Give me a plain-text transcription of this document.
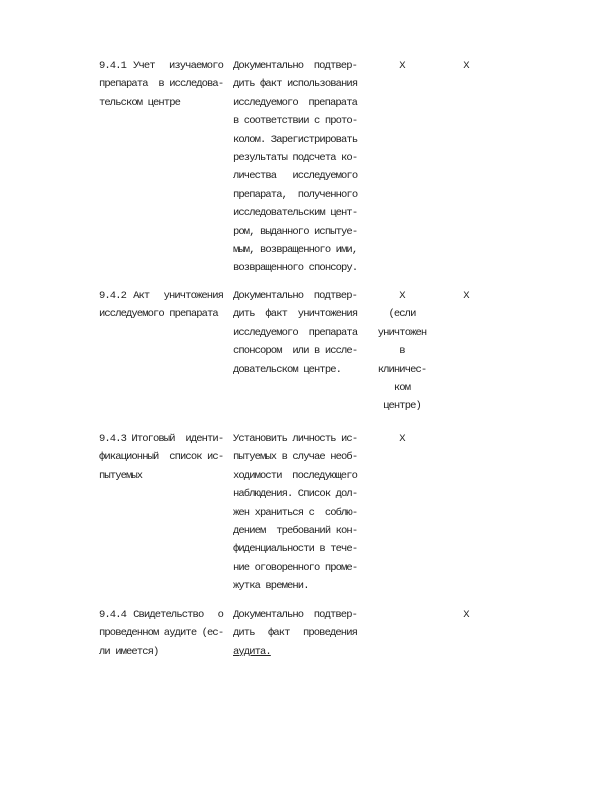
9.4.1 Учет  изучаемого
препарата  в исследова-
тельском центре
Документально подтвер-
дить факт использования
исследуемого препарата
в соответствии с прото-
колом. Зарегистрировать
результаты подсчета ко-
личества   исследуемого
препарата,  полученного
исследовательским цент-
ром, выданного испытуе-
мым, возвращенного ими,
возвращенного спонсору.
X	X
9.4.2 Акт  уничтожения
исследуемого препарата
Документально подтвер-
дить  факт  уничтожения
исследуемого  препарата
спонсором  или в иссле-
довательском центре.
X
(если
уничтожен
в
клиничес-
ком
центре)
X
9.4.3 Итоговый  иденти-
фикационный  список ис-
пытуемых
Установить личность ис-
пытуемых в случае необ-
ходимости последующего
наблюдения. Список дол-
жен храниться с  соблю-
дением  требований кон-
фиденциальности в тече-
ние оговоренного проме-
жутка времени.
X
9.4.4 Свидетельство  о
проведенном аудите (ес-
ли имеется)
Документально подтвер-
дить  факт  проведения
аудита.
X
